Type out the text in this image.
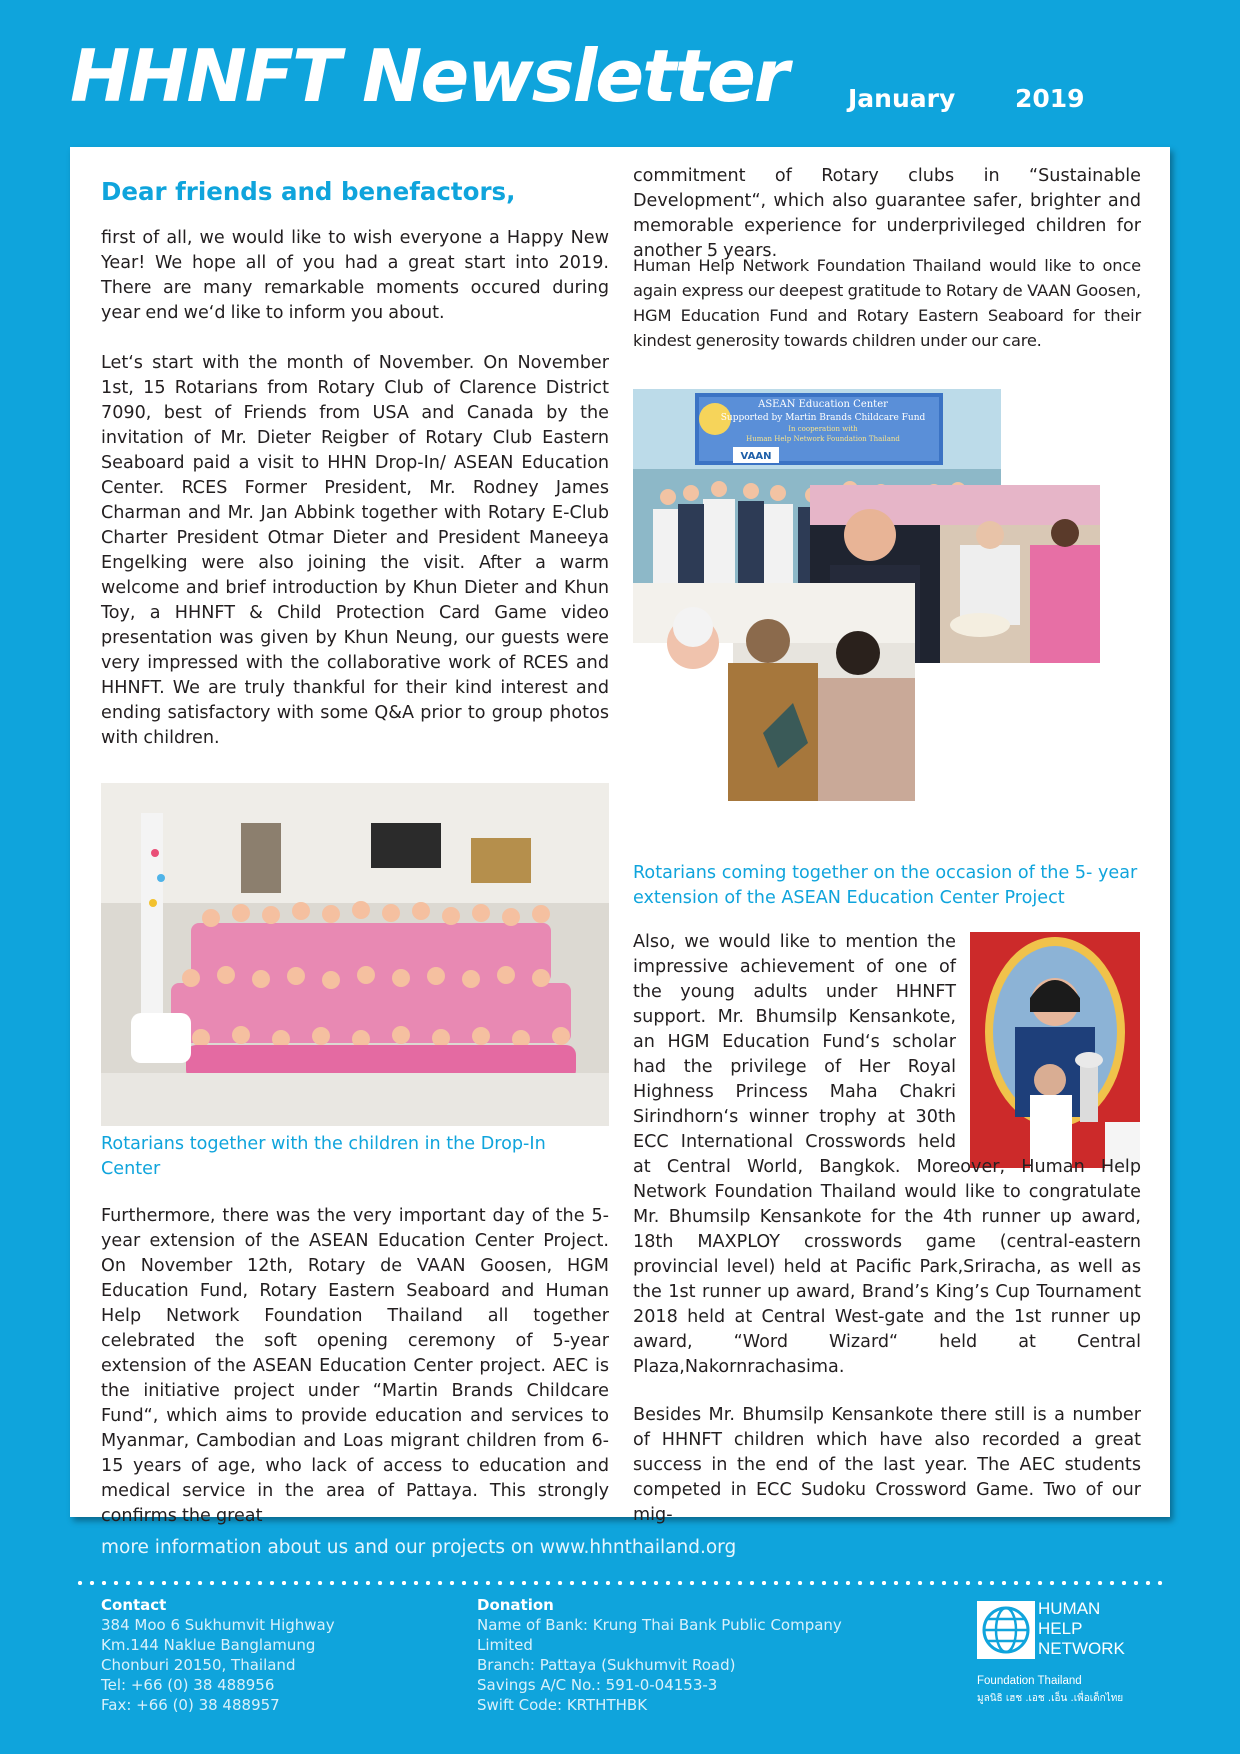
HHNFT Newsletter January 2019
Dear friends and benefactors,
first of all, we would like to wish everyone a Happy New Year! We hope all of you had a great start into 2019. There are many remarkable moments occured during year end we‘d like to inform you about.
Let‘s start with the month of November. On November 1st, 15 Rotarians from Rotary Club of Clarence District 7090, best of Friends from USA and Canada by the invitation of Mr. Dieter Reigber of Rotary Club Eastern Seaboard paid a visit to HHN Drop-In/ ASEAN Education Center. RCES Former President, Mr. Rodney James Charman and Mr. Jan Abbink together with Rotary E-Club Charter President Otmar Dieter and President Maneeya Engelking were also joining the visit. After a warm welcome and brief introduction by Khun Dieter and Khun Toy, a HHNFT & Child Protection Card Game video presentation was given by Khun Neung, our guests were very impressed with the collaborative work of RCES and HHNFT. We are truly thankful for their kind interest and ending satisfactory with some Q&A prior to group photos with children.
Rotarians together with the children in the Drop-In Center
Furthermore, there was the very important day of the 5-year extension of the ASEAN Education Center Project. On November 12th, Rotary de VAAN Goosen, HGM Education Fund, Rotary Eastern Seaboard and Human Help Network Foundation Thailand all together celebrated the soft opening ceremony of 5-year extension of the ASEAN Education Center project. AEC is the initiative project under “Martin Brands Childcare Fund“, which aims to provide education and services to Myanmar, Cambodian and Loas migrant children from 6-15 years of age, who lack of access to education and medical service in the area of Pattaya. This strongly confirms the great
commitment of Rotary clubs in “Sustainable Development“, which also guarantee safer, brighter and memorable experience for underprivileged children for another 5 years.
Human Help Network Foundation Thailand would like to once again express our deepest gratitude to Rotary de VAAN Goosen, HGM Education Fund and Rotary Eastern Seaboard for their kindest generosity towards children under our care.
ASEAN Education Center
Supported by Martin Brands Childcare Fund
In cooperation with
Human Help Network Foundation Thailand
VAAN
Rotarians coming together on the occasion of the 5- year extension of the ASEAN Education Center Project
Also, we would like to mention the impressive achievement of one of the young adults under HHNFT support. Mr. Bhumsilp Kensankote, an HGM Education Fund‘s scholar had the privilege of Her Royal Highness Princess Maha Chakri Sirindhorn‘s winner trophy at 30th ECC International Crosswords held at Central World, Bangkok. Moreover, Human Help Network Foundation Thailand would like to congratulate Mr. Bhumsilp Kensankote for the 4th runner up award, 18th MAXPLOY crosswords game (central-eastern provincial level) held at Pacific Park,Sriracha, as well as the 1st runner up award, Brand’s King’s Cup Tournament 2018 held at Central West-gate and the 1st runner up award, “Word Wizard“ held at Central Plaza,Nakornrachasima.
Besides Mr. Bhumsilp Kensankote there still is a number of HHNFT children which have also recorded a great success in the end of the last year. The AEC students competed in ECC Sudoku Crossword Game. Two of our mig-
more information about us and our projects on www.hhnthailand.org
Contact
384 Moo 6 Sukhumvit Highway
Km.144 Naklue Banglamung
Chonburi 20150, Thailand
Tel: +66 (0) 38 488956
Fax: +66 (0) 38 488957
Donation
Name of Bank: Krung Thai Bank Public Company
Limited
Branch: Pattaya (Sukhumvit Road)
Savings A/C No.: 591-0-04153-3
Swift Code: KRTHTHBK
HUMAN
HELP
NETWORK
Foundation Thailand
มูลนิธิ เฮช .เอช .เอ็น .เพื่อเด็กไทย
